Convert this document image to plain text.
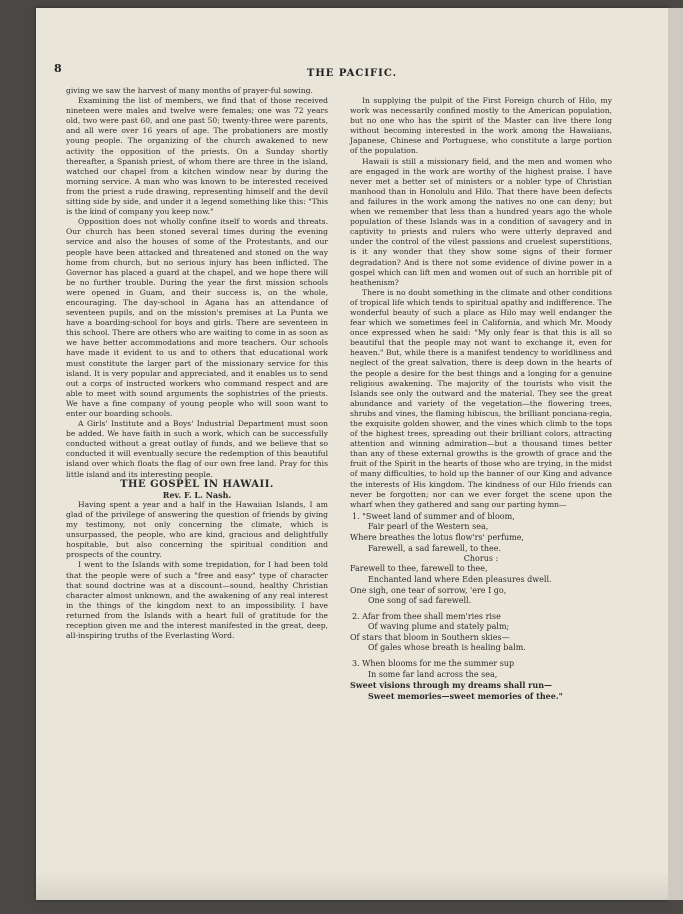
8	THE PACIFIC.

giving we saw the harvest of many months of prayer-ful sowing.

Examining the list of members, we find that of those received nineteen were males and twelve were females; one was 72 years old, two were past 60, and one past 50; twenty-three were parents, and all were over 16 years of age. The probationers are mostly young people. The organizing of the church awakened to new activity the opposition of the priests. On a Sunday shortly thereafter, a Spanish priest, of whom there are three in the island, watched our chapel from a kitchen window near by during the morning service. A man who was known to be interested received from the priest a rude drawing, representing himself and the devil sitting side by side, and under it a legend something like this: "This is the kind of company you keep now."

Opposition does not wholly confine itself to words and threats. Our church has been stoned several times during the evening service and also the houses of some of the Protestants, and our people have been attacked and threatened and stoned on the way home from church, but no serious injury has been inflicted. The Governor has placed a guard at the chapel, and we hope there will be no further trouble. During the year the first mission schools were opened in Guam, and their success is, on the whole, encouraging. The day-school in Agana has an attendance of seventeen pupils, and on the mission's premises at La Punta we have a boarding-school for boys and girls. There are seventeen in this school. There are others who are waiting to come in as soon as we have better accommodations and more teachers. Our schools have made it evident to us and to others that educational work must constitute the larger part of the missionary service for this island. It is very popular and appreciated, and it enables us to send out a corps of instructed workers who command respect and are able to meet with sound arguments the sophistries of the priests. We have a fine company of young people who will soon want to enter our boarding schools.

A Girls' Institute and a Boys' Industrial Department must soon be added. We have faith in such a work, which can be successfully conducted without a great outlay of funds, and we believe that so conducted it will eventually secure the redemption of this beautiful island over which floats the flag of our own free land. Pray for this little island and its interesting people.

THE GOSPEL IN HAWAII.

Rev. F. L. Nash.

Having spent a year and a half in the Hawaiian Islands, I am glad of the privilege of answering the question of friends by giving my testimony, not only concerning the climate, which is unsurpassed, the people, who are kind, gracious and delightfully hospitable, but also concerning the spiritual condition and prospects of the country.

I went to the Islands with some trepidation, for I had been told that the people were of such a "free and easy" type of character that sound doctrine was at a discount—sound, healthy Christian character almost unknown, and the awakening of any real interest in the things of the kingdom next to an impossibility. I have returned from the Islands with a heart full of gratitude for the reception given me and the interest manifested in the great, deep, all-inspiring truths of the Everlasting Word.

In supplying the pulpit of the First Foreign church of Hilo, my work was necessarily confined mostly to the American population, but no one who has the spirit of the Master can live there long without becoming interested in the work among the Hawaiians, Japanese, Chinese and Portuguese, who constitute a large portion of the population.

Hawaii is still a missionary field, and the men and women who are engaged in the work are worthy of the highest praise. I have never met a better set of ministers or a nobler type of Christian manhood than in Honolulu and Hilo. That there have been defects and failures in the work among the natives no one can deny; but when we remember that less than a hundred years ago the whole population of these Islands was in a condition of savagery and in captivity to priests and rulers who were utterly depraved and under the control of the vilest passions and cruelest superstitions, is it any wonder that they show some signs of their former degradation? And is there not some evidence of divine power in a gospel which can lift men and women out of such an horrible pit of heathenism?

There is no doubt something in the climate and other conditions of tropical life which tends to spiritual apathy and indifference. The wonderful beauty of such a place as Hilo may well endanger the fear which we sometimes feel in California, and which Mr. Moody once expressed when he said: "My only fear is that this is all so beautiful that the people may not want to exchange it, even for heaven." But, while there is a manifest tendency to worldliness and neglect of the great salvation, there is deep down in the hearts of the people a desire for the best things and a longing for a genuine religious awakening. The majority of the tourists who visit the Islands see only the outward and the material. They see the great abundance and variety of the vegetation—the flowering trees, shrubs and vines, the flaming hibiscus, the brilliant ponciana-regia, the exquisite golden shower, and the vines which climb to the tops of the highest trees, spreading out their brilliant colors, attracting attention and winning admiration—but a thousand times better than any of these external growths is the growth of grace and the fruit of the Spirit in the hearts of those who are trying, in the midst of many difficulties, to hold up the banner of our King and advance the interests of His kingdom. The kindness of our Hilo friends can never be forgotten; nor can we ever forget the scene upon the wharf when they gathered and sang our parting hymn—

1. "Sweet land of summer and of bloom,

Fair pearl of the Western sea,

Where breathes the lotus flow'rs' perfume,

Farewell, a sad farewell, to thee.

Chorus :

Farewell to thee, farewell to thee,

Enchanted land where Eden pleasures dwell.

One sigh, one tear of sorrow, 'ere I go,

One song of sad farewell.

2. Afar from thee shall mem'ries rise

Of waving plume and stately palm;

Of stars that bloom in Southern skies—

Of gales whose breath is healing balm.

3. When blooms for me the summer sup

In some far land across the sea,

Sweet visions through my dreams shall run—

Sweet memories—sweet memories of thee."
